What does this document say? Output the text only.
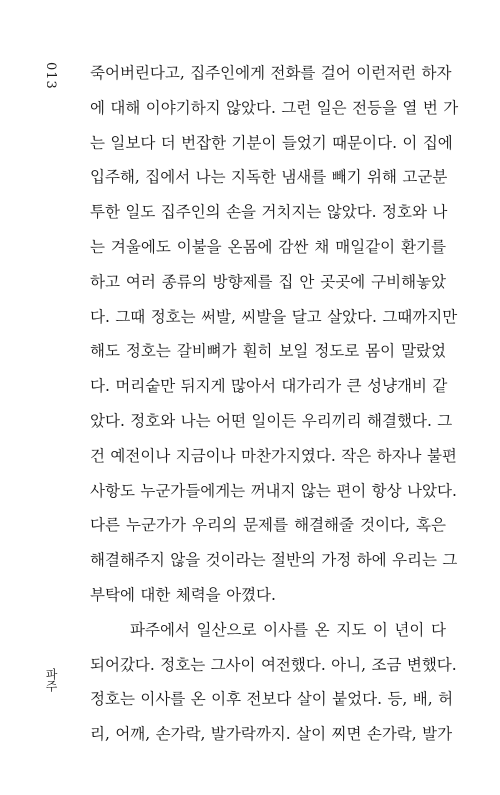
013
파주

죽어버린다고, 집주인에게 전화를 걸어 이런저런 하자
에 대해 이야기하지 않았다. 그런 일은 전등을 열 번 가
는 일보다 더 번잡한 기분이 들었기 때문이다. 이 집에
입주해, 집에서 나는 지독한 냄새를 빼기 위해 고군분
투한 일도 집주인의 손을 거치지는 않았다. 정호와 나
는 겨울에도 이불을 온몸에 감싼 채 매일같이 환기를
하고 여러 종류의 방향제를 집 안 곳곳에 구비해놓았
다. 그때 정호는 써발, 씨발을 달고 살았다. 그때까지만
해도 정호는 갈비뼈가 훤히 보일 정도로 몸이 말랐었
다. 머리숱만 뒤지게 많아서 대가리가 큰 성냥개비 같
았다. 정호와 나는 어떤 일이든 우리끼리 해결했다. 그
건 예전이나 지금이나 마찬가지였다. 작은 하자나 불편
사항도 누군가들에게는 꺼내지 않는 편이 항상 나았다.
다른 누군가가 우리의 문제를 해결해줄 것이다, 혹은
해결해주지 않을 것이라는 절반의 가정 하에 우리는 그
부탁에 대한 체력을 아꼈다.

파주에서 일산으로 이사를 온 지도 이 년이 다
되어갔다. 정호는 그사이 여전했다. 아니, 조금 변했다.
정호는 이사를 온 이후 전보다 살이 붙었다. 등, 배, 허
리, 어깨, 손가락, 발가락까지. 살이 찌면 손가락, 발가
